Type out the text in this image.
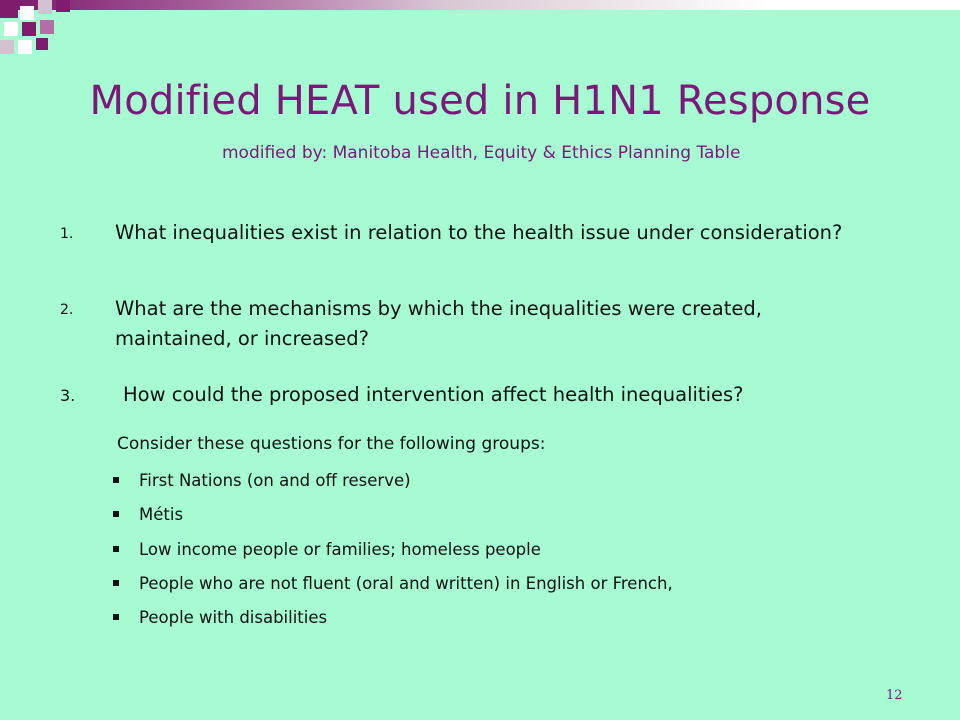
Modified HEAT used in H1N1 Response
modified by: Manitoba Health, Equity & Ethics Planning Table
1. What inequalities exist in relation to the health issue under consideration?
2. What are the mechanisms by which the inequalities were created, maintained, or increased?
3. How could the proposed intervention affect health inequalities?
Consider these questions for the following groups:
First Nations (on and off reserve)
Métis
Low income people or families; homeless people
People who are not fluent (oral and written) in English or French,
People with disabilities
12
